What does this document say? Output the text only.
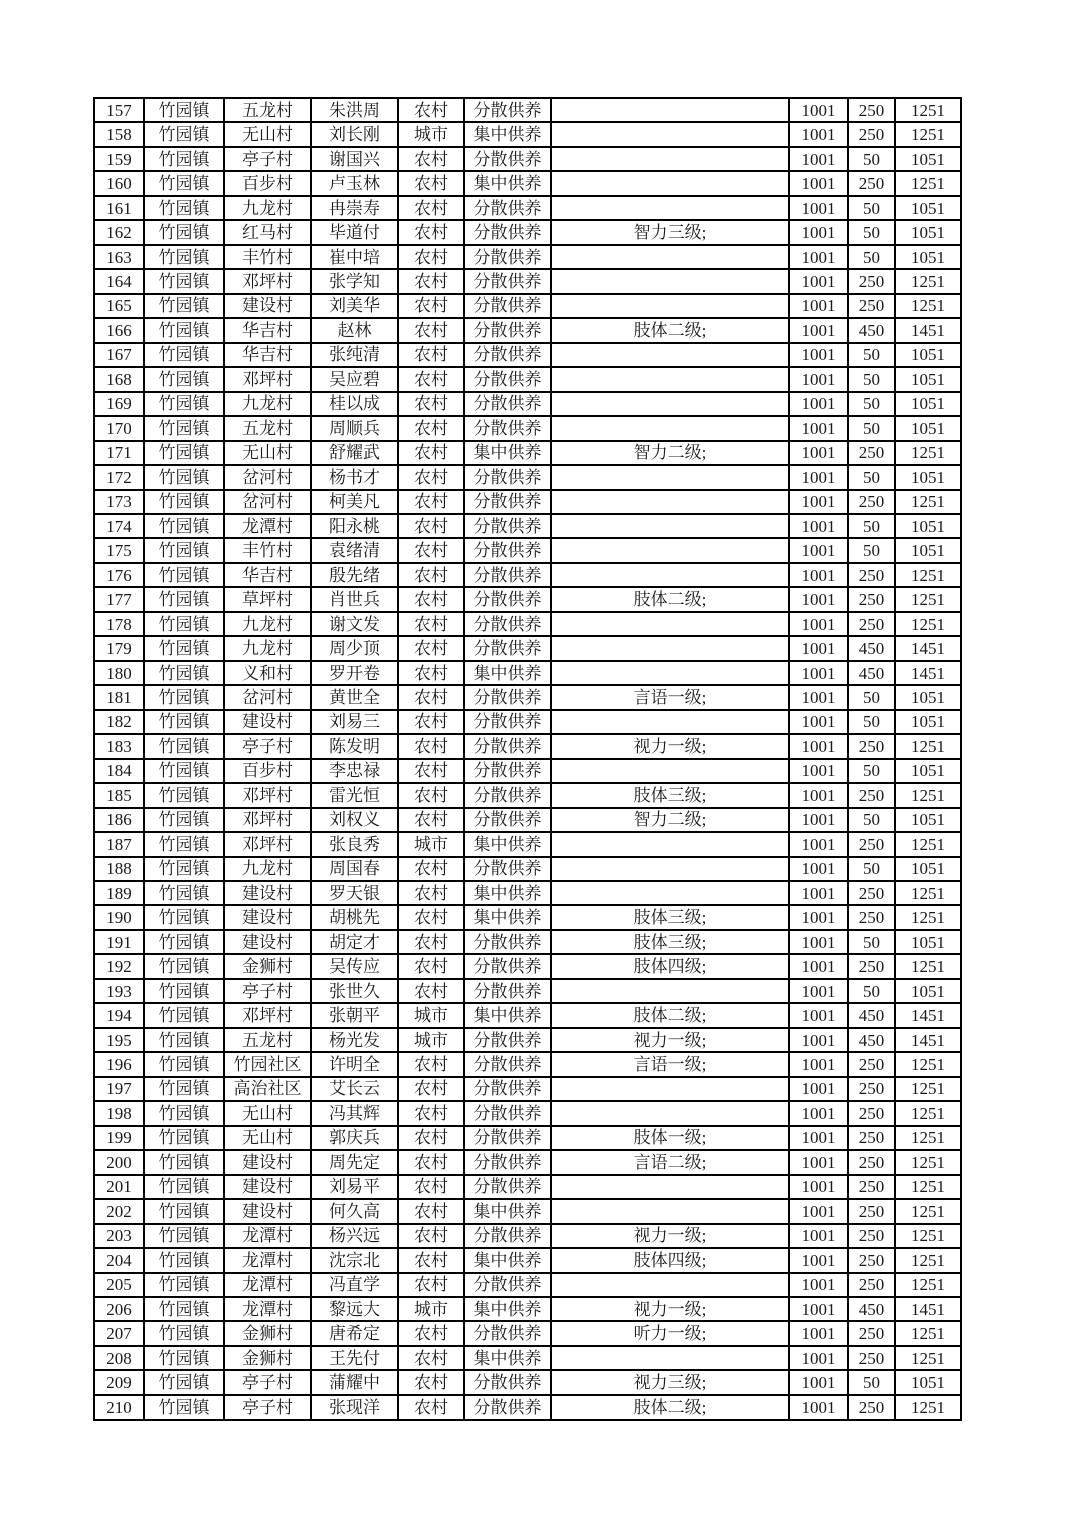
157	竹园镇	五龙村	朱洪周	农村	分散供养		1001	250	1251
158	竹园镇	无山村	刘长刚	城市	集中供养		1001	250	1251
159	竹园镇	亭子村	谢国兴	农村	分散供养		1001	50	1051
160	竹园镇	百步村	卢玉林	农村	集中供养		1001	250	1251
161	竹园镇	九龙村	冉崇寿	农村	分散供养		1001	50	1051
162	竹园镇	红马村	毕道付	农村	分散供养	智力三级;	1001	50	1051
163	竹园镇	丰竹村	崔中培	农村	分散供养		1001	50	1051
164	竹园镇	邓坪村	张学知	农村	分散供养		1001	250	1251
165	竹园镇	建设村	刘美华	农村	分散供养		1001	250	1251
166	竹园镇	华吉村	赵林	农村	分散供养	肢体二级;	1001	450	1451
167	竹园镇	华吉村	张纯清	农村	分散供养		1001	50	1051
168	竹园镇	邓坪村	吴应碧	农村	分散供养		1001	50	1051
169	竹园镇	九龙村	桂以成	农村	分散供养		1001	50	1051
170	竹园镇	五龙村	周顺兵	农村	分散供养		1001	50	1051
171	竹园镇	无山村	舒耀武	农村	集中供养	智力二级;	1001	250	1251
172	竹园镇	岔河村	杨书才	农村	分散供养		1001	50	1051
173	竹园镇	岔河村	柯美凡	农村	分散供养		1001	250	1251
174	竹园镇	龙潭村	阳永桃	农村	分散供养		1001	50	1051
175	竹园镇	丰竹村	袁绪清	农村	分散供养		1001	50	1051
176	竹园镇	华吉村	殷先绪	农村	分散供养		1001	250	1251
177	竹园镇	草坪村	肖世兵	农村	分散供养	肢体二级;	1001	250	1251
178	竹园镇	九龙村	谢文发	农村	分散供养		1001	250	1251
179	竹园镇	九龙村	周少顶	农村	分散供养		1001	450	1451
180	竹园镇	义和村	罗开卷	农村	集中供养		1001	450	1451
181	竹园镇	岔河村	黄世全	农村	分散供养	言语一级;	1001	50	1051
182	竹园镇	建设村	刘易三	农村	分散供养		1001	50	1051
183	竹园镇	亭子村	陈发明	农村	分散供养	视力一级;	1001	250	1251
184	竹园镇	百步村	李忠禄	农村	分散供养		1001	50	1051
185	竹园镇	邓坪村	雷光恒	农村	分散供养	肢体三级;	1001	250	1251
186	竹园镇	邓坪村	刘权义	农村	分散供养	智力二级;	1001	50	1051
187	竹园镇	邓坪村	张良秀	城市	集中供养		1001	250	1251
188	竹园镇	九龙村	周国春	农村	分散供养		1001	50	1051
189	竹园镇	建设村	罗天银	农村	集中供养		1001	250	1251
190	竹园镇	建设村	胡桃先	农村	集中供养	肢体三级;	1001	250	1251
191	竹园镇	建设村	胡定才	农村	分散供养	肢体三级;	1001	50	1051
192	竹园镇	金狮村	吴传应	农村	分散供养	肢体四级;	1001	250	1251
193	竹园镇	亭子村	张世久	农村	分散供养		1001	50	1051
194	竹园镇	邓坪村	张朝平	城市	集中供养	肢体二级;	1001	450	1451
195	竹园镇	五龙村	杨光发	城市	分散供养	视力一级;	1001	450	1451
196	竹园镇	竹园社区	许明全	农村	分散供养	言语一级;	1001	250	1251
197	竹园镇	高治社区	艾长云	农村	分散供养		1001	250	1251
198	竹园镇	无山村	冯其辉	农村	分散供养		1001	250	1251
199	竹园镇	无山村	郭庆兵	农村	分散供养	肢体一级;	1001	250	1251
200	竹园镇	建设村	周先定	农村	分散供养	言语二级;	1001	250	1251
201	竹园镇	建设村	刘易平	农村	分散供养		1001	250	1251
202	竹园镇	建设村	何久高	农村	集中供养		1001	250	1251
203	竹园镇	龙潭村	杨兴远	农村	分散供养	视力一级;	1001	250	1251
204	竹园镇	龙潭村	沈宗北	农村	集中供养	肢体四级;	1001	250	1251
205	竹园镇	龙潭村	冯直学	农村	分散供养		1001	250	1251
206	竹园镇	龙潭村	黎远大	城市	集中供养	视力一级;	1001	450	1451
207	竹园镇	金狮村	唐希定	农村	分散供养	听力一级;	1001	250	1251
208	竹园镇	金狮村	王先付	农村	集中供养		1001	250	1251
209	竹园镇	亭子村	蒲耀中	农村	分散供养	视力三级;	1001	50	1051
210	竹园镇	亭子村	张现洋	农村	分散供养	肢体二级;	1001	250	1251
